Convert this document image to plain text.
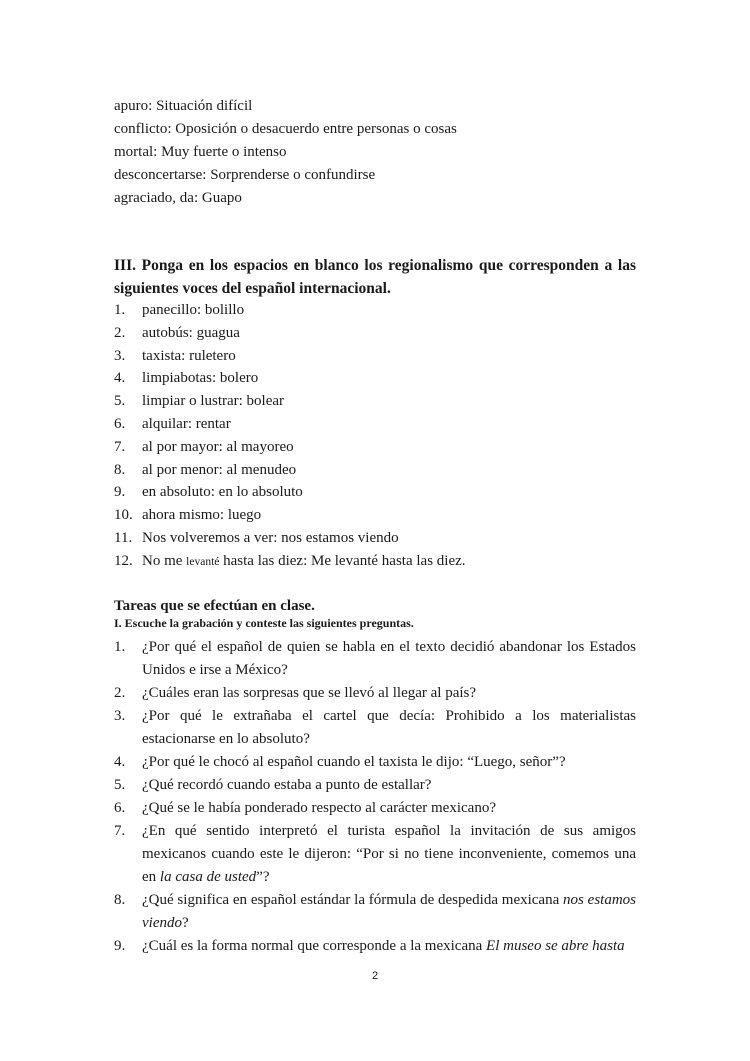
apuro: Situación difícil
conflicto: Oposición o desacuerdo entre personas o cosas
mortal: Muy fuerte o intenso
desconcertarse: Sorprenderse o confundirse
agraciado, da: Guapo
III. Ponga en los espacios en blanco los regionalismo que corresponden a las siguientes voces del español internacional.
1. panecillo: bolillo
2. autobús: guagua
3. taxista: ruletero
4. limpiabotas: bolero
5. limpiar o lustrar: bolear
6. alquilar: rentar
7. al por mayor: al mayoreo
8. al por menor: al menudeo
9. en absoluto: en lo absoluto
10. ahora mismo: luego
11. Nos volveremos a ver: nos estamos viendo
12. No me levanté hasta las diez: Me levanté hasta las diez.
Tareas que se efectúan en clase.
I. Escuche la grabación y conteste las siguientes preguntas.
1. ¿Por qué el español de quien se habla en el texto decidió abandonar los Estados Unidos e irse a México?
2. ¿Cuáles eran las sorpresas que se llevó al llegar al país?
3. ¿Por qué le extrañaba el cartel que decía: Prohibido a los materialistas estacionarse en lo absoluto?
4. ¿Por qué le chocó al español cuando el taxista le dijo: “Luego, señor”?
5. ¿Qué recordó cuando estaba a punto de estallar?
6. ¿Qué se le había ponderado respecto al carácter mexicano?
7. ¿En qué sentido interpretó el turista español la invitación de sus amigos mexicanos cuando este le dijeron: “Por si no tiene inconveniente, comemos una en la casa de usted”?
8. ¿Qué significa en español estándar la fórmula de despedida mexicana nos estamos viendo?
9. ¿Cuál es la forma normal que corresponde a la mexicana El museo se abre hasta
2
